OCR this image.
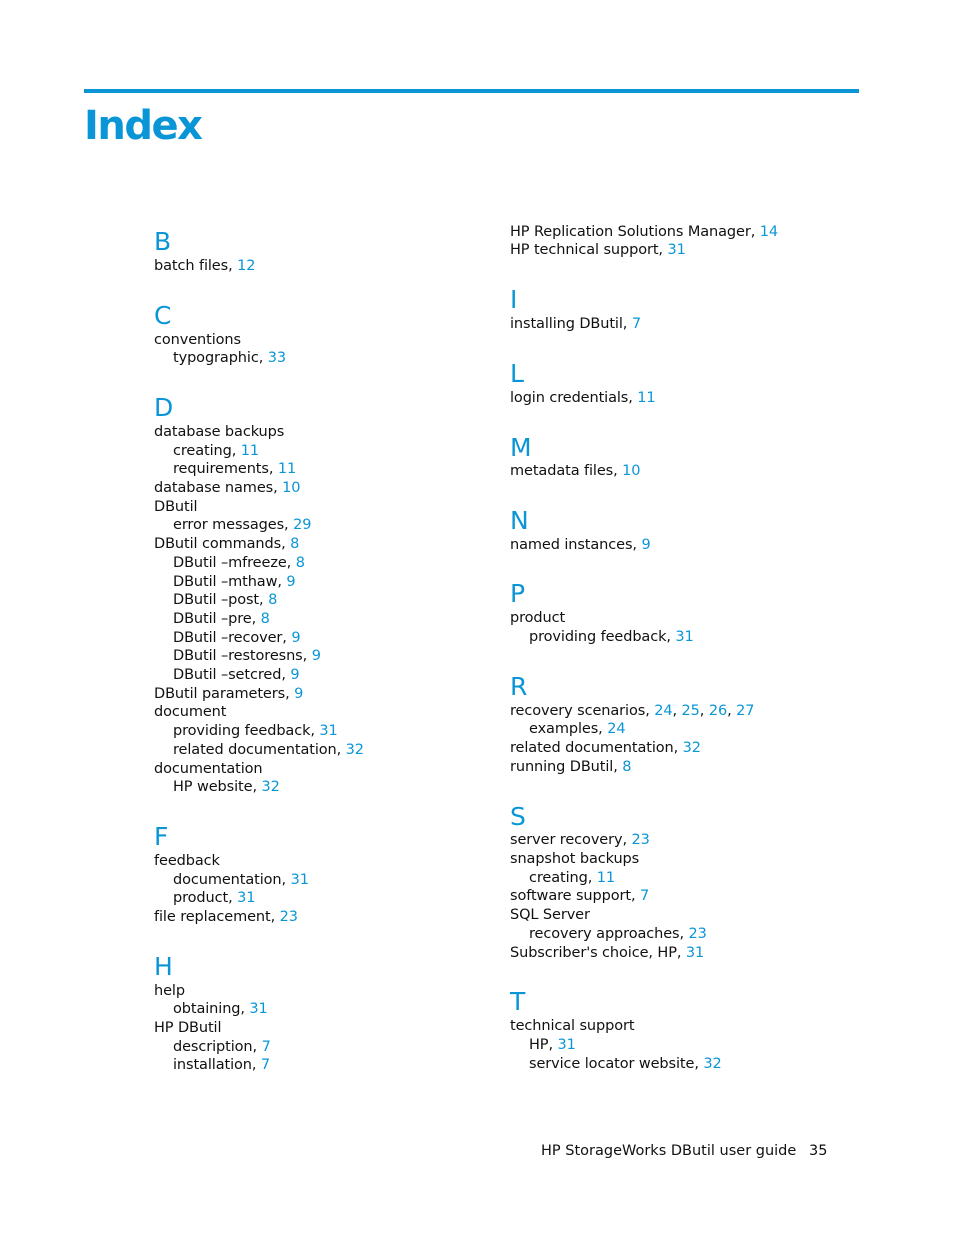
Index
B
batch files, 12
C
conventions
typographic, 33
D
database backups
creating, 11
requirements, 11
database names, 10
DButil
error messages, 29
DButil commands, 8
DButil –mfreeze, 8
DButil –mthaw, 9
DButil –post, 8
DButil –pre, 8
DButil –recover, 9
DButil –restoresns, 9
DButil –setcred, 9
DButil parameters, 9
document
providing feedback, 31
related documentation, 32
documentation
HP website, 32
F
feedback
documentation, 31
product, 31
file replacement, 23
H
help
obtaining, 31
HP DButil
description, 7
installation, 7
HP Replication Solutions Manager, 14
HP technical support, 31
I
installing DButil, 7
L
login credentials, 11
M
metadata files, 10
N
named instances, 9
P
product
providing feedback, 31
R
recovery scenarios, 24, 25, 26, 27
examples, 24
related documentation, 32
running DButil, 8
S
server recovery, 23
snapshot backups
creating, 11
software support, 7
SQL Server
recovery approaches, 23
Subscriber's choice, HP, 31
T
technical support
HP, 31
service locator website, 32
HP StorageWorks DButil user guide 35
